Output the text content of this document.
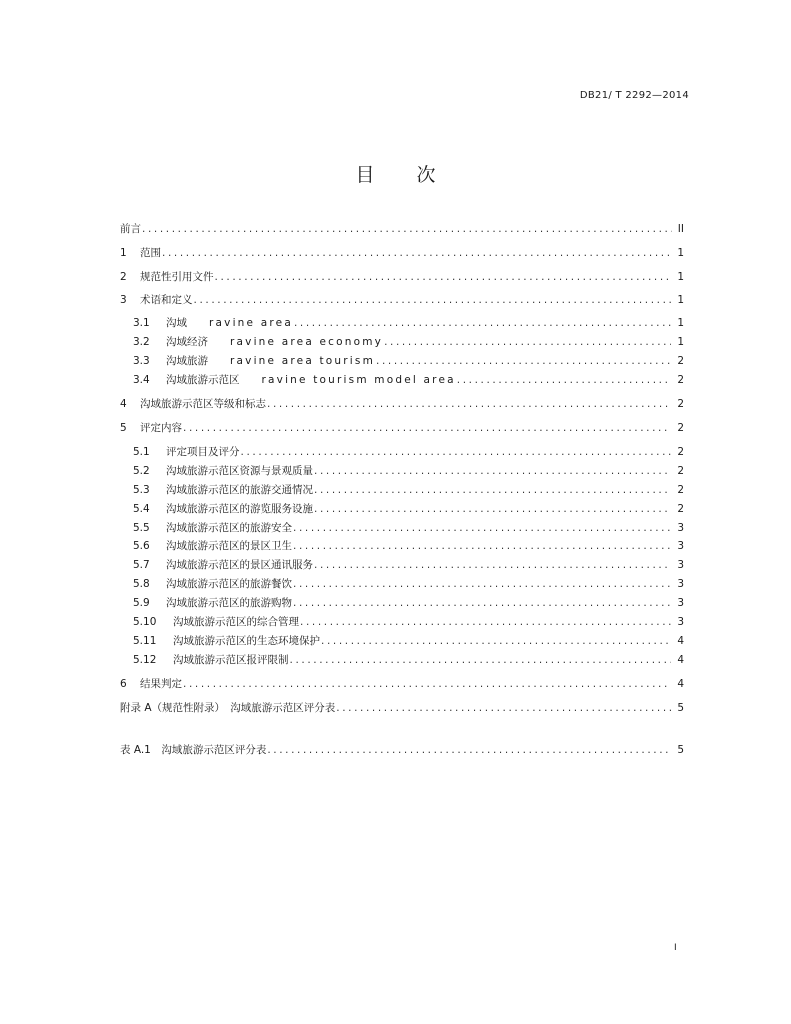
DB21/ T 2292—2014
目 次
前言 .....	II
1	范围 .....	1
2	规范性引用文件 .....	1
3	术语和定义 .....	1
3.1	沟域 ravine area .....	1
3.2	沟域经济 ravine area economy .....	1
3.3	沟域旅游 ravine area tourism .....	2
3.4	沟域旅游示范区 ravine tourism model area .....	2
4	沟域旅游示范区等级和标志 .....	2
5	评定内容 .....	2
5.1	评定项目及评分 .....	2
5.2	沟域旅游示范区资源与景观质量 .....	2
5.3	沟域旅游示范区的旅游交通情况 .....	2
5.4	沟域旅游示范区的游览服务设施 .....	2
5.5	沟域旅游示范区的旅游安全 .....	3
5.6	沟域旅游示范区的景区卫生 .....	3
5.7	沟域旅游示范区的景区通讯服务 .....	3
5.8	沟域旅游示范区的旅游餐饮 .....	3
5.9	沟域旅游示范区的旅游购物 .....	3
5.10	沟域旅游示范区的综合管理 .....	3
5.11	沟域旅游示范区的生态环境保护 .....	4
5.12	沟域旅游示范区报评限制 .....	4
6	结果判定 .....	4
附录 A（规范性附录）　沟域旅游示范区评分表 .....	5
表 A.1　沟域旅游示范区评分表 .....	5
I
